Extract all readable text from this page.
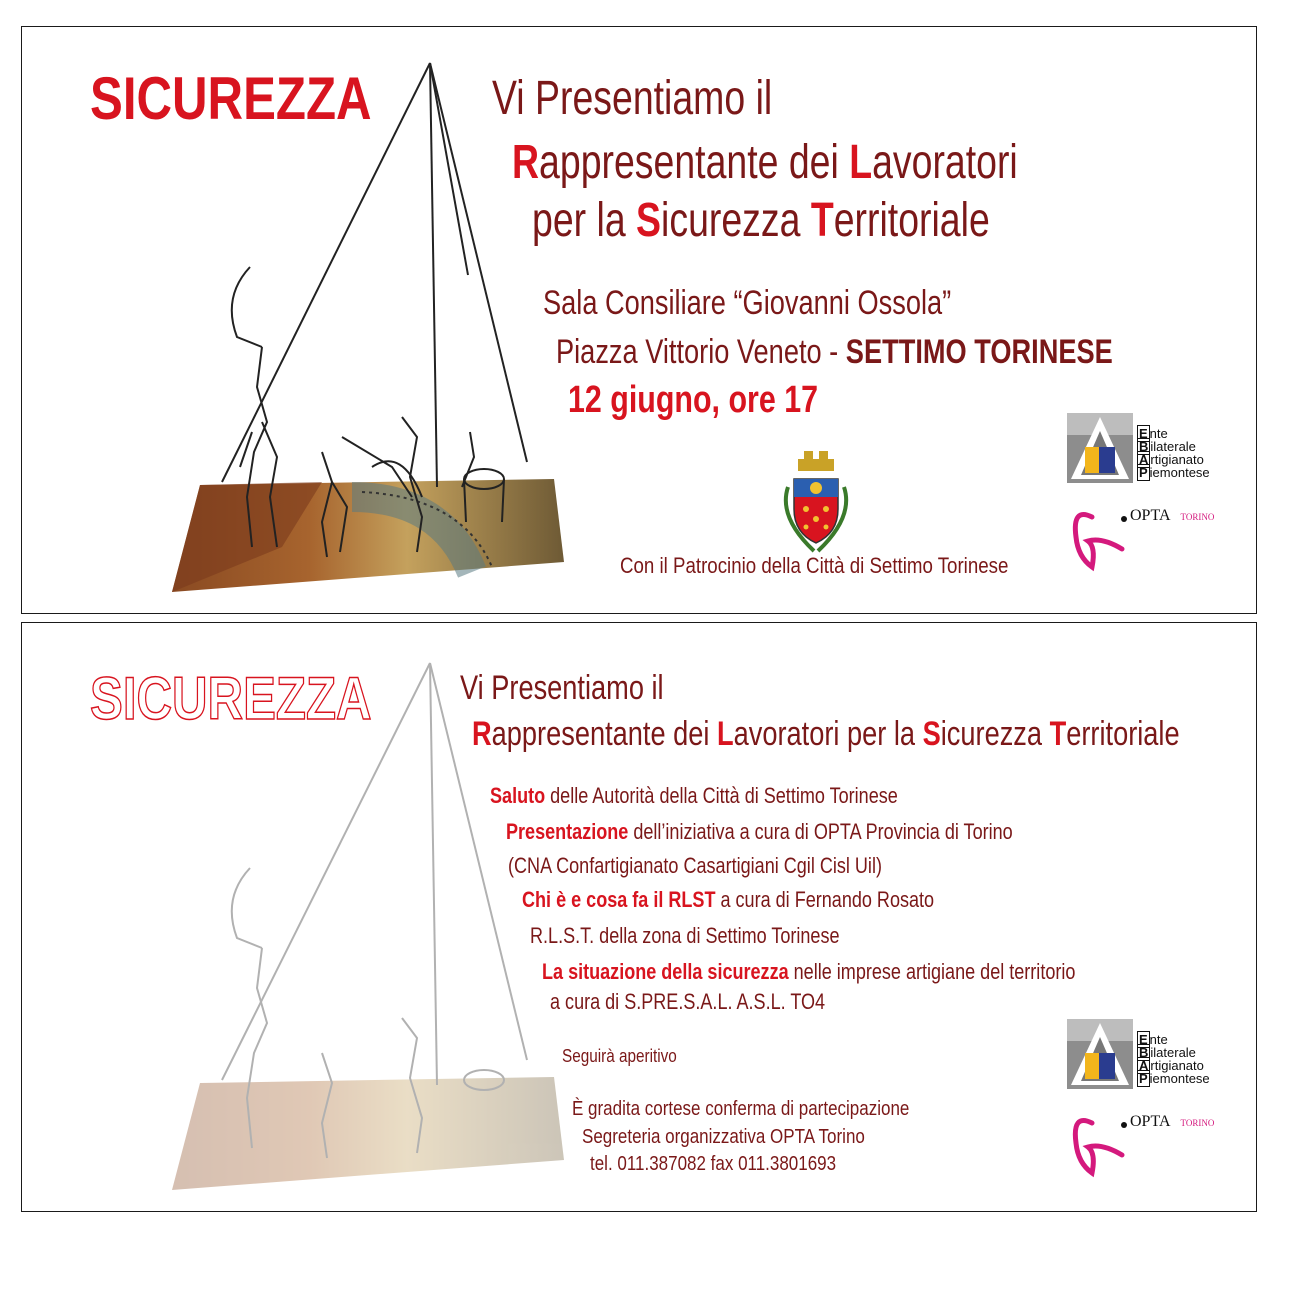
SICUREZZA	Vi Presentiamo il
Rappresentante dei Lavoratori
per la Sicurezza Territoriale
Sala Consiliare “Giovanni Ossola”
Piazza Vittorio Veneto - SETTIMO TORINESE
12 giugno, ore 17
Con il Patrocinio della Città di Settimo Torinese
E nte
B ilaterale
A rtigianato
P iemontese
OPTA TORINO
SICUREZZA	Vi Presentiamo il
Rappresentante dei Lavoratori per la Sicurezza Territoriale
Saluto delle Autorità della Città di Settimo Torinese
Presentazione dell’iniziativa a cura di OPTA Provincia di Torino
(CNA Confartigianato Casartigiani Cgil Cisl Uil)
Chi è e cosa fa il RLST a cura di Fernando Rosato
R.L.S.T. della zona di Settimo Torinese
La situazione della sicurezza nelle imprese artigiane del territorio
a cura di S.PRE.S.A.L. A.S.L. TO4
Seguirà aperitivo
È gradita cortese conferma di partecipazione
Segreteria organizzativa OPTA Torino
tel. 011.387082 fax 011.3801693
E nte
B ilaterale
A rtigianato
P iemontese
OPTA TORINO
